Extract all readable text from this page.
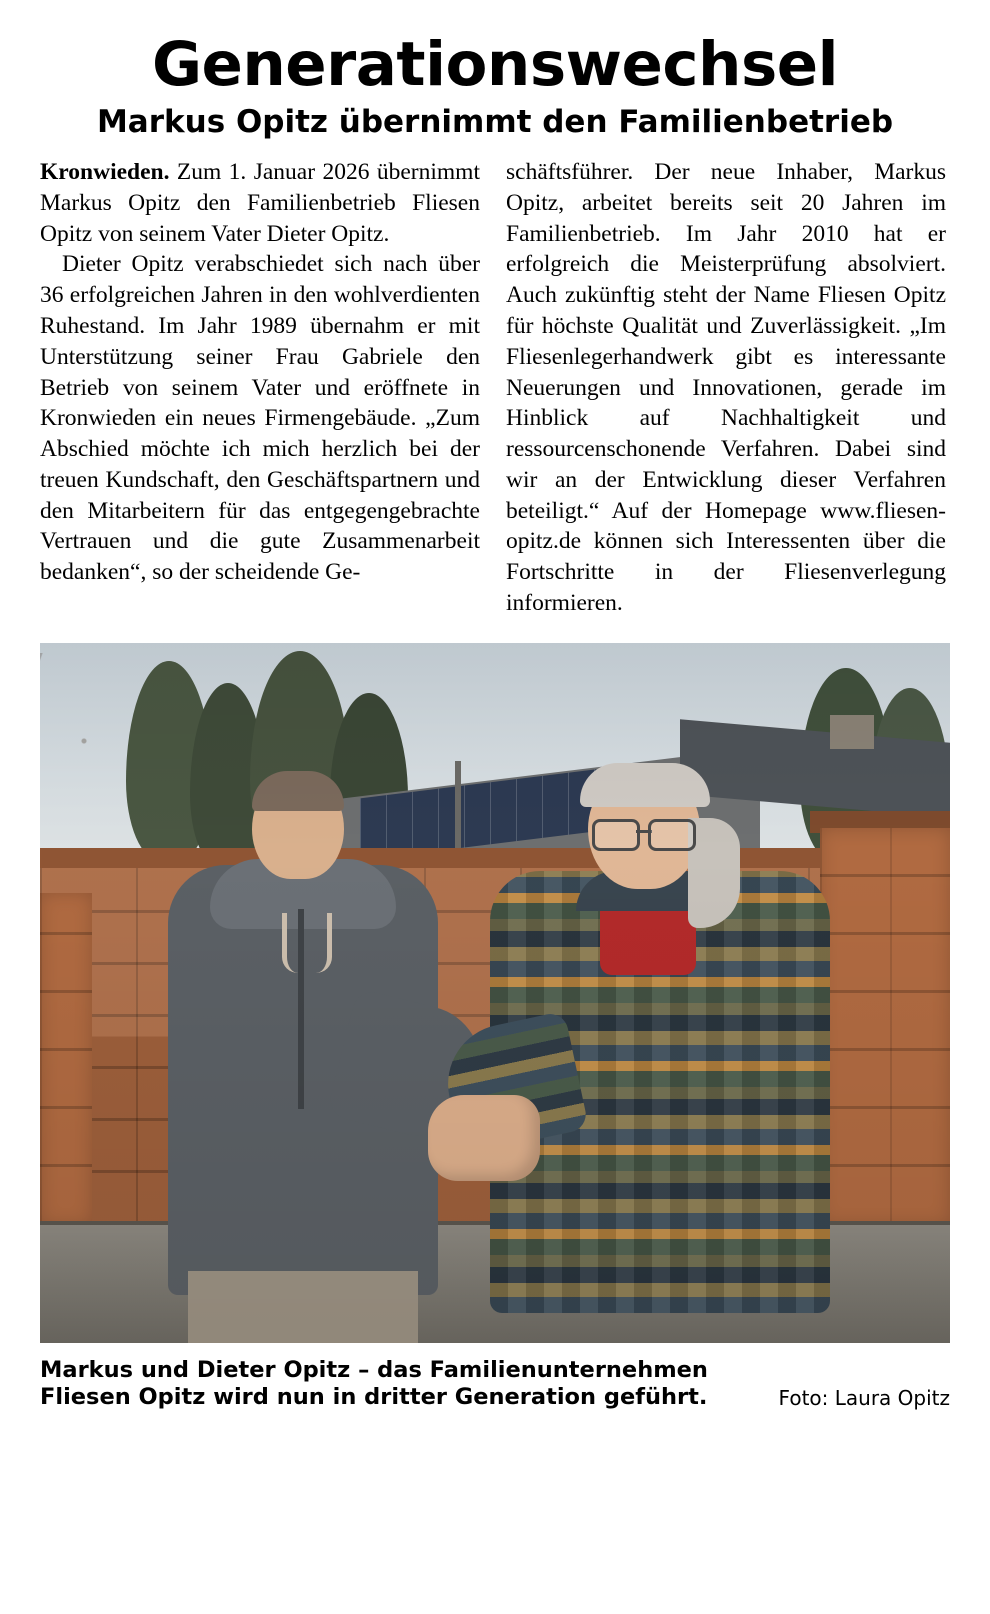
Generationswechsel
Markus Opitz übernimmt den Familienbetrieb

Kronwieden. Zum 1. Januar 2026 übernimmt Markus Opitz den Familienbetrieb Fliesen Opitz von seinem Vater Dieter Opitz.

Dieter Opitz verabschiedet sich nach über 36 erfolgreichen Jahren in den wohlverdienten Ruhestand. Im Jahr 1989 übernahm er mit Unterstützung seiner Frau Gabriele den Betrieb von seinem Vater und eröffnete in Kronwieden ein neues Firmengebäude. „Zum Abschied möchte ich mich herzlich bei der treuen Kundschaft, den Geschäftspartnern und den Mitarbeitern für das entgegengebrachte Vertrauen und die gute Zusammenarbeit bedanken“, so der scheidende Ge-

schäftsführer. Der neue Inhaber, Markus Opitz, arbeitet bereits seit 20 Jahren im Familienbetrieb. Im Jahr 2010 hat er erfolgreich die Meisterprüfung absolviert. Auch zukünftig steht der Name Fliesen Opitz für höchste Qualität und Zuverlässigkeit. „Im Fliesenlegerhandwerk gibt es interessante Neuerungen und Innovationen, gerade im Hinblick auf Nachhaltigkeit und ressourcenschonende Verfahren. Dabei sind wir an der Entwicklung dieser Verfahren beteiligt.“ Auf der Homepage www.fliesen-opitz.de können sich Interessenten über die Fortschritte in der Fliesenverlegung informieren.

Markus und Dieter Opitz – das Familienunternehmen Fliesen Opitz wird nun in dritter Generation geführt.	Foto: Laura Opitz
